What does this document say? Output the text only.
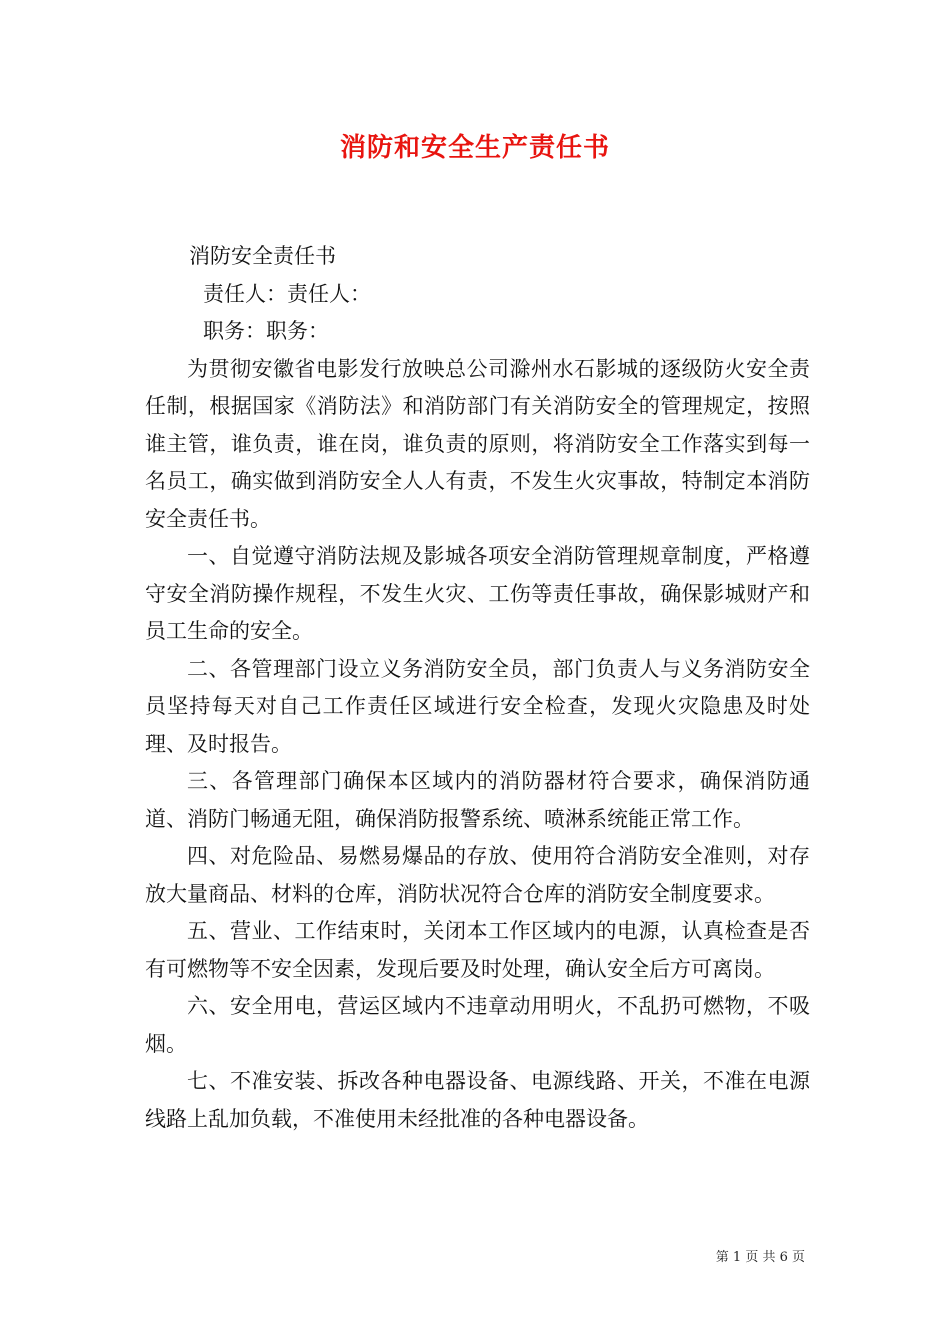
消防和安全生产责任书

消防安全责任书

责任人：责任人：

职务：职务：

为贯彻安徽省电影发行放映总公司滁州水石影城的逐级防火安全责任制，根据国家《消防法》和消防部门有关消防安全的管理规定，按照谁主管，谁负责，谁在岗，谁负责的原则，将消防安全工作落实到每一名员工，确实做到消防安全人人有责，不发生火灾事故，特制定本消防安全责任书。

一、自觉遵守消防法规及影城各项安全消防管理规章制度，严格遵守安全消防操作规程，不发生火灾、工伤等责任事故，确保影城财产和员工生命的安全。

二、各管理部门设立义务消防安全员，部门负责人与义务消防安全员坚持每天对自己工作责任区域进行安全检查，发现火灾隐患及时处理、及时报告。

三、各管理部门确保本区域内的消防器材符合要求，确保消防通道、消防门畅通无阻，确保消防报警系统、喷淋系统能正常工作。

四、对危险品、易燃易爆品的存放、使用符合消防安全准则，对存放大量商品、材料的仓库，消防状况符合仓库的消防安全制度要求。

五、营业、工作结束时，关闭本工作区域内的电源，认真检查是否有可燃物等不安全因素，发现后要及时处理，确认安全后方可离岗。

六、安全用电，营运区域内不违章动用明火，不乱扔可燃物，不吸烟。

七、不准安装、拆改各种电器设备、电源线路、开关，不准在电源线路上乱加负载，不准使用未经批准的各种电器设备。

第 1 页 共 6 页
